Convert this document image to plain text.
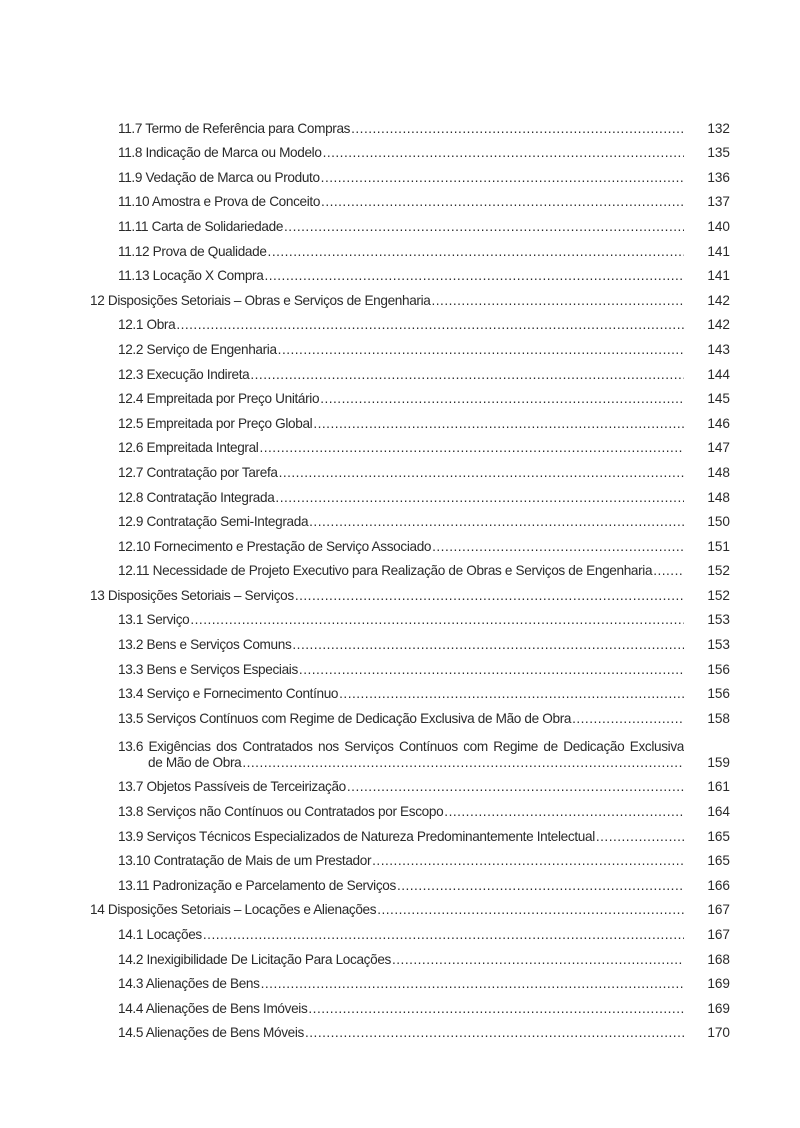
11.7 Termo de Referência para Compras .....	132
11.8 Indicação de Marca ou Modelo .....	135
11.9 Vedação de Marca ou Produto .....	136
11.10 Amostra e Prova de Conceito .....	137
11.11 Carta de Solidariedade .....	140
11.12 Prova de Qualidade .....	141
11.13 Locação X Compra .....	141
12 Disposições Setoriais – Obras e Serviços de Engenharia .....	142
12.1 Obra .....	142
12.2 Serviço de Engenharia .....	143
12.3 Execução Indireta .....	144
12.4 Empreitada por Preço Unitário .....	145
12.5 Empreitada por Preço Global .....	146
12.6 Empreitada Integral .....	147
12.7 Contratação por Tarefa .....	148
12.8 Contratação Integrada .....	148
12.9 Contratação Semi-Integrada .....	150
12.10 Fornecimento e Prestação de Serviço Associado .....	151
12.11 Necessidade de Projeto Executivo para Realização de Obras e Serviços de Engenharia .....	152
13 Disposições Setoriais – Serviços .....	152
13.1 Serviço .....	153
13.2 Bens e Serviços Comuns .....	153
13.3 Bens e Serviços Especiais .....	156
13.4 Serviço e Fornecimento Contínuo .....	156
13.5 Serviços Contínuos com Regime de Dedicação Exclusiva de Mão de Obra .....	158
13.6 Exigências dos Contratados nos Serviços Contínuos com Regime de Dedicação Exclusiva
de Mão de Obra .....	159
13.7 Objetos Passíveis de Terceirização .....	161
13.8 Serviços não Contínuos ou Contratados por Escopo .....	164
13.9 Serviços Técnicos Especializados de Natureza Predominantemente Intelectual .....	165
13.10 Contratação de Mais de um Prestador .....	165
13.11 Padronização e Parcelamento de Serviços .....	166
14 Disposições Setoriais – Locações e Alienações .....	167
14.1 Locações .....	167
14.2 Inexigibilidade De Licitação Para Locações .....	168
14.3 Alienações de Bens .....	169
14.4 Alienações de Bens Imóveis .....	169
14.5 Alienações de Bens Móveis .....	170
